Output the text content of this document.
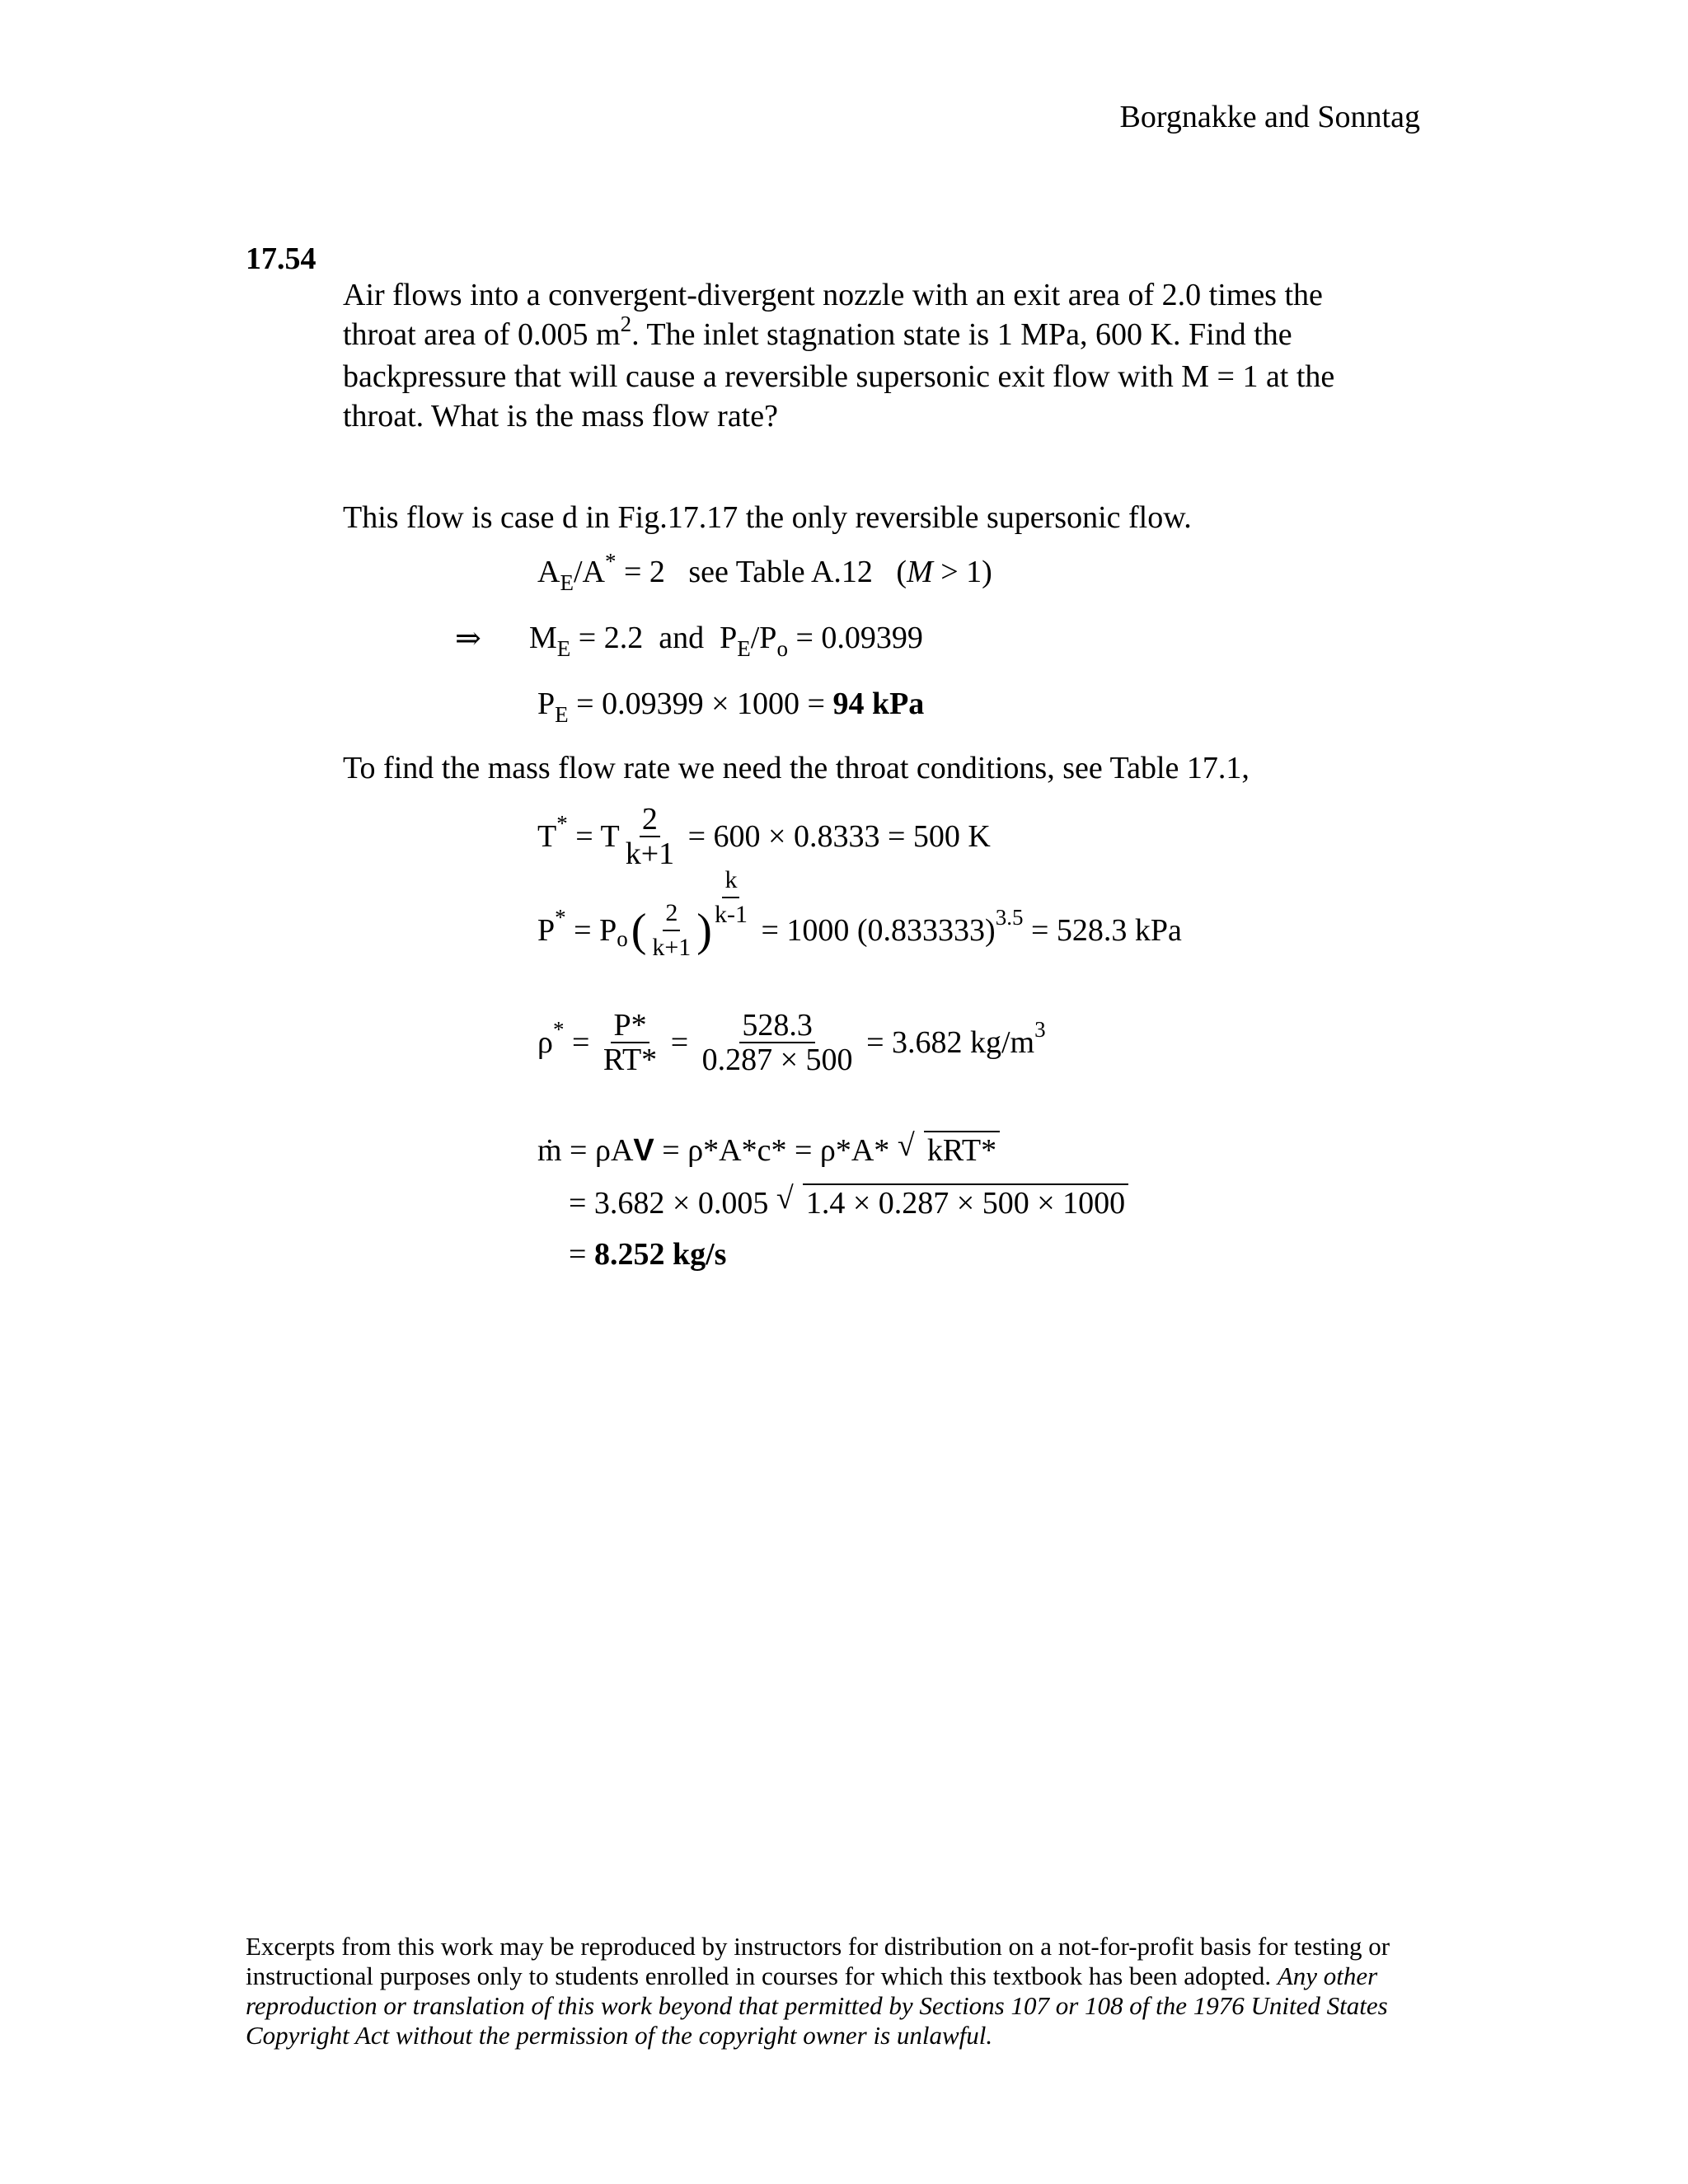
Borgnakke and Sonntag
17.54
Air flows into a convergent-divergent nozzle with an exit area of 2.0 times the
throat area of 0.005 $m^2$. The inlet stagnation state is 1 MPa, 600 K. Find the
backpressure that will cause a reversible supersonic exit flow with M = 1 at the
throat. What is the mass flow rate?
This flow is case d in Fig.17.17 the only reversible supersonic flow.
$A_E/A^* = 2$   see Table A.12   (M > 1)
⇒ $M_E = 2.2$  and  $P_E/P_o = 0.09399$
$P_E = 0.09399 \times 1000 = 94$ kPa
To find the mass flow rate we need the throat conditions, see Table 17.1,
T* = T $\frac{2}{k+1} = 600 \times 0.8333 = 500$ K
$P^* = P_o$ ( $\frac{2}{k+1}$ ) $\frac{k}{k-1} = 1000$ $(0.833333)^{3.5} = 528.3$ kPa
$\rho^* = \frac{P*}{RT*} = \frac{528.3}{0.287 \times 500} = 3.682$ $kg/m^3$
ṁ = ρAV = ρ*A*c* = ρ*A* √ kRT*
= 3.682 × 0.005 √ 1.4 × 0.287 × 500 × 1000
= 8.252 kg/s
Excerpts from this work may be reproduced by instructors for distribution on a not-for-profit basis for testing or instructional purposes only to students enrolled in courses for which this textbook has been adopted. Any other reproduction or translation of this work beyond that permitted by Sections 107 or 108 of the 1976 United States Copyright Act without the permission of the copyright owner is unlawful.
